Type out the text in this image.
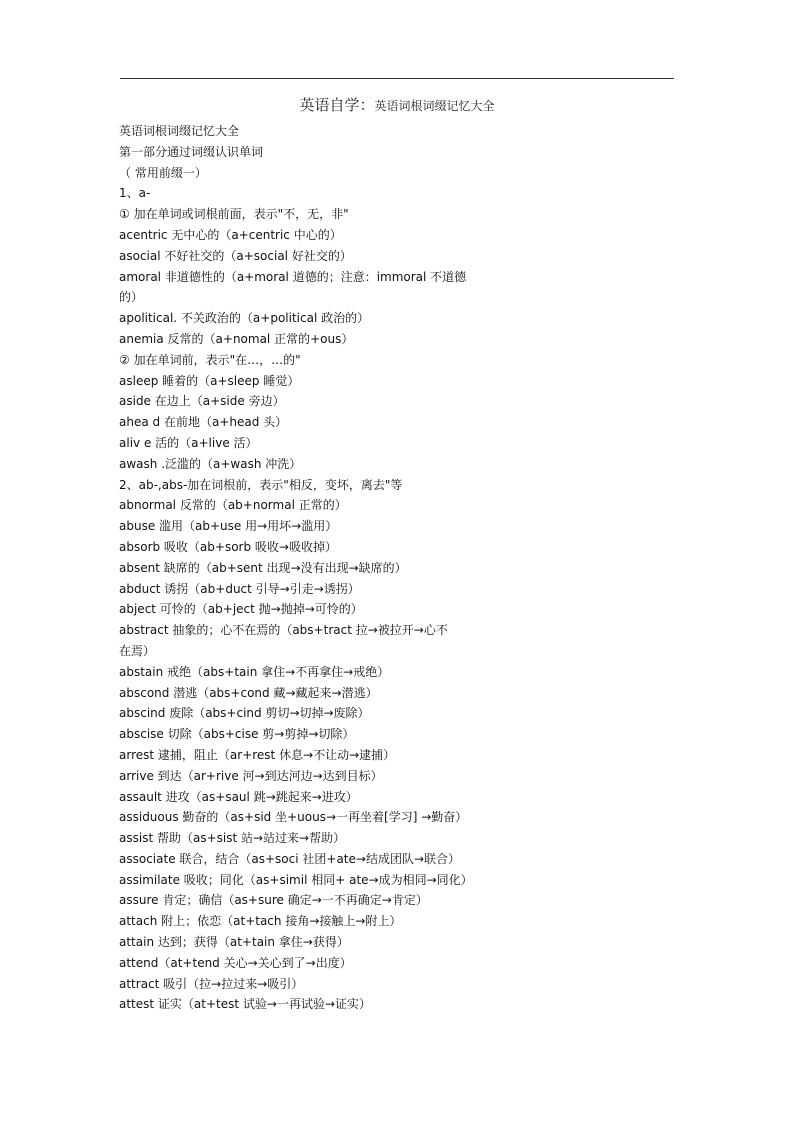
英语自学：英语词根词缀记忆大全
英语词根词缀记忆大全
第一部分通过词缀认识单词
（ 常用前缀一）
1、a-
① 加在单词或词根前面，表示"不，无，非"
acentric 无中心的（a+centric 中心的）
asocial 不好社交的（a+social 好社交的）
amoral 非道德性的（a+moral 道德的；注意：immoral 不道德
的）
apolitical. 不关政治的（a+political 政治的）
anemia 反常的（a+nomal 正常的+ous）
② 加在单词前，表示"在…，…的"
asleep 睡着的（a+sleep 睡觉）
aside 在边上（a+side 旁边）
ahea d 在前地（a+head 头）
aliv e 活的（a+live 活）
awash .泛滥的（a+wash 冲洗）
2、ab-,abs-加在词根前，表示"相反，变坏，离去"等
abnormal 反常的（ab+normal 正常的）
abuse 滥用（ab+use 用→用坏→滥用）
absorb 吸收（ab+sorb 吸收→吸收掉）
absent 缺席的（ab+sent 出现→没有出现→缺席的）
abduct 诱拐（ab+duct 引导→引走→诱拐）
abject 可怜的（ab+ject 抛→抛掉→可怜的）
abstract 抽象的；心不在焉的（abs+tract 拉→被拉开→心不
在焉）
abstain 戒绝（abs+tain 拿住→不再拿住→戒绝）
abscond 潜逃（abs+cond 藏→藏起来→潜逃）
abscind 废除（abs+cind 剪切→切掉→废除）
abscise 切除（abs+cise 剪→剪掉→切除）
arrest 逮捕，阻止（ar+rest 休息→不让动→逮捕）
arrive 到达（ar+rive 河→到达河边→达到目标）
assault 进攻（as+saul 跳→跳起来→进攻）
assiduous 勤奋的（as+sid 坐+uous→一再坐着[学习] →勤奋）
assist 帮助（as+sist 站→站过来→帮助）
associate 联合，结合（as+soci 社团+ate→结成团队→联合）
assimilate 吸收；同化（as+simil 相同+ ate→成为相同→同化）
assure 肯定；确信（as+sure 确定→一不再确定→肯定）
attach 附上；依恋（at+tach 接角→接触上→附上）
attain 达到；获得（at+tain 拿住→获得）
attend（at+tend 关心→关心到了→出度）
attract 吸引（拉→拉过来→吸引）
attest 证实（at+test 试验→一再试验→证实）
